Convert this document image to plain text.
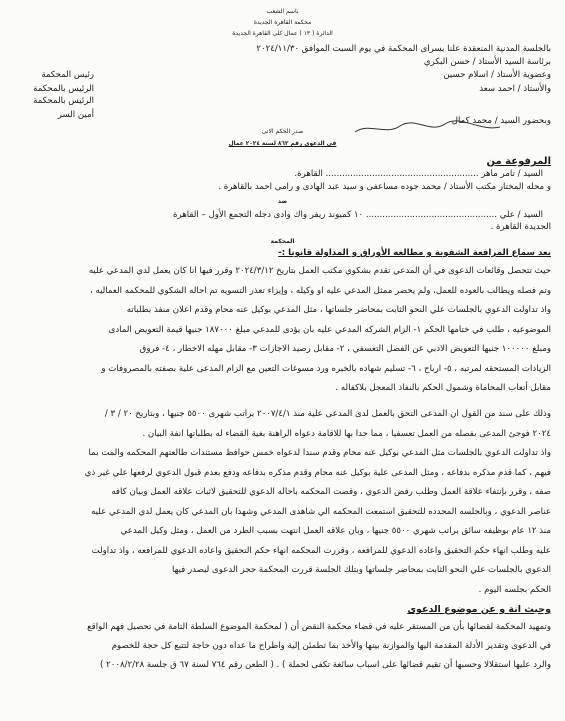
باسم الشعب
محكمة القاهرة الجديدة
الدائرة ( ١٣ ) عمال كلى القاهرة الجديدة
بالجلسة المدنية المنعقدة علنا بسراى المحكمة في يوم السبت الموافق ٢٠٢٤/١١/٣٠
برئاسة السيد الأستاذ / حسن البكري
رئيس المحكمة	وعضوية الأستاذ / اسلام حسين
الرئيس بالمحكمة	والأستاذ / احمد سعد
الرئيس بالمحكمة
وبحضور السيد / محمد كمال
أمين السر
صدر الحكم الاتى
فى الدعوى رقم ٨٦٢ لسنة ٢٠٢٤ عمال
المرفوعة من
السيد / تامر ماهر ........................................................ القاهرة.
و محله المختار مكتب الأستاذ / محمد جوده مساعفى و سيد عبد الهادى و رامى احمد بالقاهرة .
ضد
السيد / علي ................................................ ١٠ كمبوند ريفر واك وادى دجله التجمع الأول – القاهرة
الجديدة القاهرة .
المحكمة
بعد سماع المرافعة الشفوية و مطالعه الأوراق و المداولة قانونا :-
حيث تتحصل وقائعات الدعوى في أن المدعي تقدم بشكوي مكتب العمل بتاريخ ٢٠٢٤/٣/١٢ وقرر فيها انا كان يعمل لدي المدعي عليه
وتم فصله ويطالب بالعوده للعمل، ولم يحضر ممثل المدعي عليه او وكيله ، وإيزاء تعذر التسويه تم احاله الشكوي للمحكمه العماليه ،
واذ تداولت الدعوي بالجلسات علي النحو الثابت بمحاضر جلساتها ، مثل المدعي بوكيل عنه محام وقدم اعلان منفذ بطلباته
الموضوعيه ، طلب في ختامها الحكم ١- الزام الشركه المدعي عليه بان يؤدى للمدعي مبلغ ١٨٧٠٠٠ جنيها قيمة التعويض المادى
ومبلغ ١٠٠٠٠٠ جنيها التعويض الادبي عن الفصل التعسفي ، ٢- مقابل رصيد الاجازات ٣- مقابل مهله الاخطار ، ٤- فروق
الزيادات المستحقه لمرتبه ، ٥- ارباح ، ٦- تسليم شهاده بالخبره ورد مسوغات التعين مع الزام المدعى علية بصفته بالمصروفات و
مقابل أتعاب المحاماة وشمول الحكم بالنفاذ المعجل بلاكفاله .
وذلك على سند من القول ان المدعى التحق بالعمل لدى المدعى علية منذ ٢٠٠٧/٤/١ براتب شهرى ٥٥٠٠ جنيها ، وبتاريخ ٢٠ / ٣ /
٢٠٢٤ فوجئ المدعى بفصله من العمل تعسفيا ، مما حدا بها للاقامة دعواه الراهنة بغية القضاء له بطلباتها انفة البيان .
واذ تداولت الدعوي بالجلسات مثل المدعي بوكيل عنه محام وقدم سندا لدعواه خمس حوافظ مستندات طالعتهم المحكمه والمت بما
فيهم ، كما قدم مذكره بدفاعه ، ومثل المدعى علية بوكيل عنه محام وقدم مذكره بدفاعه ودفع بعدم قبول الدعوي لرفعها علي غير ذي
صفه ، وقرر بإنتفاء علاقة العمل وطلب رفض الدعوي ، وقضت المحكمه باحاله الدعوي للتحقيق لاثبات علاقه العمل وبيان كافه
عناصر الدعوي ، وبالجلسه المحدده للتحقيق استمعت المحكمه الي شاهدى المدعي وشهدا بان المدعي كان يعمل لدي المدعي عليه
منذ ١٢ عام بوظيفه سائق براتب شهري ٥٥٠٠ جنيها ، وبان علاقه العمل انتهت بسبب الطرد من العمل ، ومثل وكيل المدعي
عليه وطلب انهاء حكم التحقيق واعاده الدعوي للمرافعه ، وقررت المحكمه انهاء حكم التحقيق واعاده الدعوي للمرافعه ، واذ تداولت
الدعوي بالجلسات علي النحو الثابت بمحاضر جلساتها وبتلك الجلسة قررت المحكمة حجز الدعوى ليصدر فيها
الحكم بجلسه اليوم .
وحيث انة و عن موضوع الدعوى
وتمهيد المحكمة لقضائها بأن من المستقر عليه في قضاء محكمة النقض أن ( لمحكمة الموضوع السلطة التامة في تحصيل فهم الواقع
في الدعوى وتقدير الأدلة المقدمة اليها والموازنة بينها والأخذ بما تطمئن إلية واطراح ما عداه دون حاجة لتتبع كل حجة للخصوم
والرد عليها استقلالا وحسبها أن تقيم قضائها على اسباب سائغة تكفى لحملة ) . ( الطعن رقم ٧٦٤ لسنة ٦٧ ق جلسة ٢٠٠٨/٢/٢٨ )
